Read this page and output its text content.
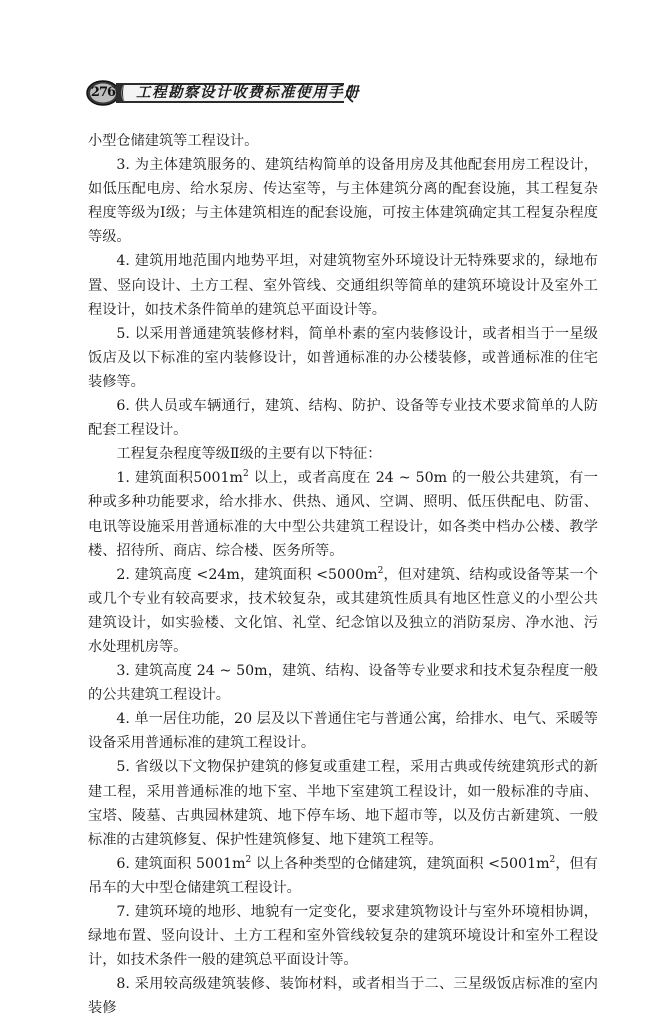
276 工程勘察设计收费标准使用手册

小型仓储建筑等工程设计。

3. 为主体建筑服务的、建筑结构简单的设备用房及其他配套用房工程设计，如低压配电房、给水泵房、传达室等，与主体建筑分离的配套设施，其工程复杂程度等级为Ⅰ级；与主体建筑相连的配套设施，可按主体建筑确定其工程复杂程度等级。

4. 建筑用地范围内地势平坦，对建筑物室外环境设计无特殊要求的，绿地布置、竖向设计、土方工程、室外管线、交通组织等简单的建筑环境设计及室外工程设计，如技术条件简单的建筑总平面设计等。

5. 以采用普通建筑装修材料，简单朴素的室内装修设计，或者相当于一星级饭店及以下标准的室内装修设计，如普通标准的办公楼装修，或普通标准的住宅装修等。

6. 供人员或车辆通行，建筑、结构、防护、设备等专业技术要求简单的人防配套工程设计。

工程复杂程度等级Ⅱ级的主要有以下特征：

1. 建筑面积$5001m^2$ 以上，或者高度在 24 ~ 50m 的一般公共建筑，有一种或多种功能要求，给水排水、供热、通风、空调、照明、低压供配电、防雷、电讯等设施采用普通标准的大中型公共建筑工程设计，如各类中档办公楼、教学楼、招待所、商店、综合楼、医务所等。

2. 建筑高度 <24m，建筑面积 $<5000m^2$，但对建筑、结构或设备等某一个或几个专业有较高要求，技术较复杂，或其建筑性质具有地区性意义的小型公共建筑设计，如实验楼、文化馆、礼堂、纪念馆以及独立的消防泵房、净水池、污水处理机房等。

3. 建筑高度 24 ~ 50m，建筑、结构、设备等专业要求和技术复杂程度一般的公共建筑工程设计。

4. 单一居住功能，20 层及以下普通住宅与普通公寓，给排水、电气、采暖等设备采用普通标准的建筑工程设计。

5. 省级以下文物保护建筑的修复或重建工程，采用古典或传统建筑形式的新建工程，采用普通标准的地下室、半地下室建筑工程设计，如一般标准的寺庙、宝塔、陵墓、古典园林建筑、地下停车场、地下超市等，以及仿古新建筑、一般标准的古建筑修复、保护性建筑修复、地下建筑工程等。

6. 建筑面积 $5001m^2$ 以上各种类型的仓储建筑，建筑面积 $<5001m^2$，但有吊车的大中型仓储建筑工程设计。

7. 建筑环境的地形、地貌有一定变化，要求建筑物设计与室外环境相协调，绿地布置、竖向设计、土方工程和室外管线较复杂的建筑环境设计和室外工程设计，如技术条件一般的建筑总平面设计等。

8. 采用较高级建筑装修、装饰材料，或者相当于二、三星级饭店标准的室内装修
